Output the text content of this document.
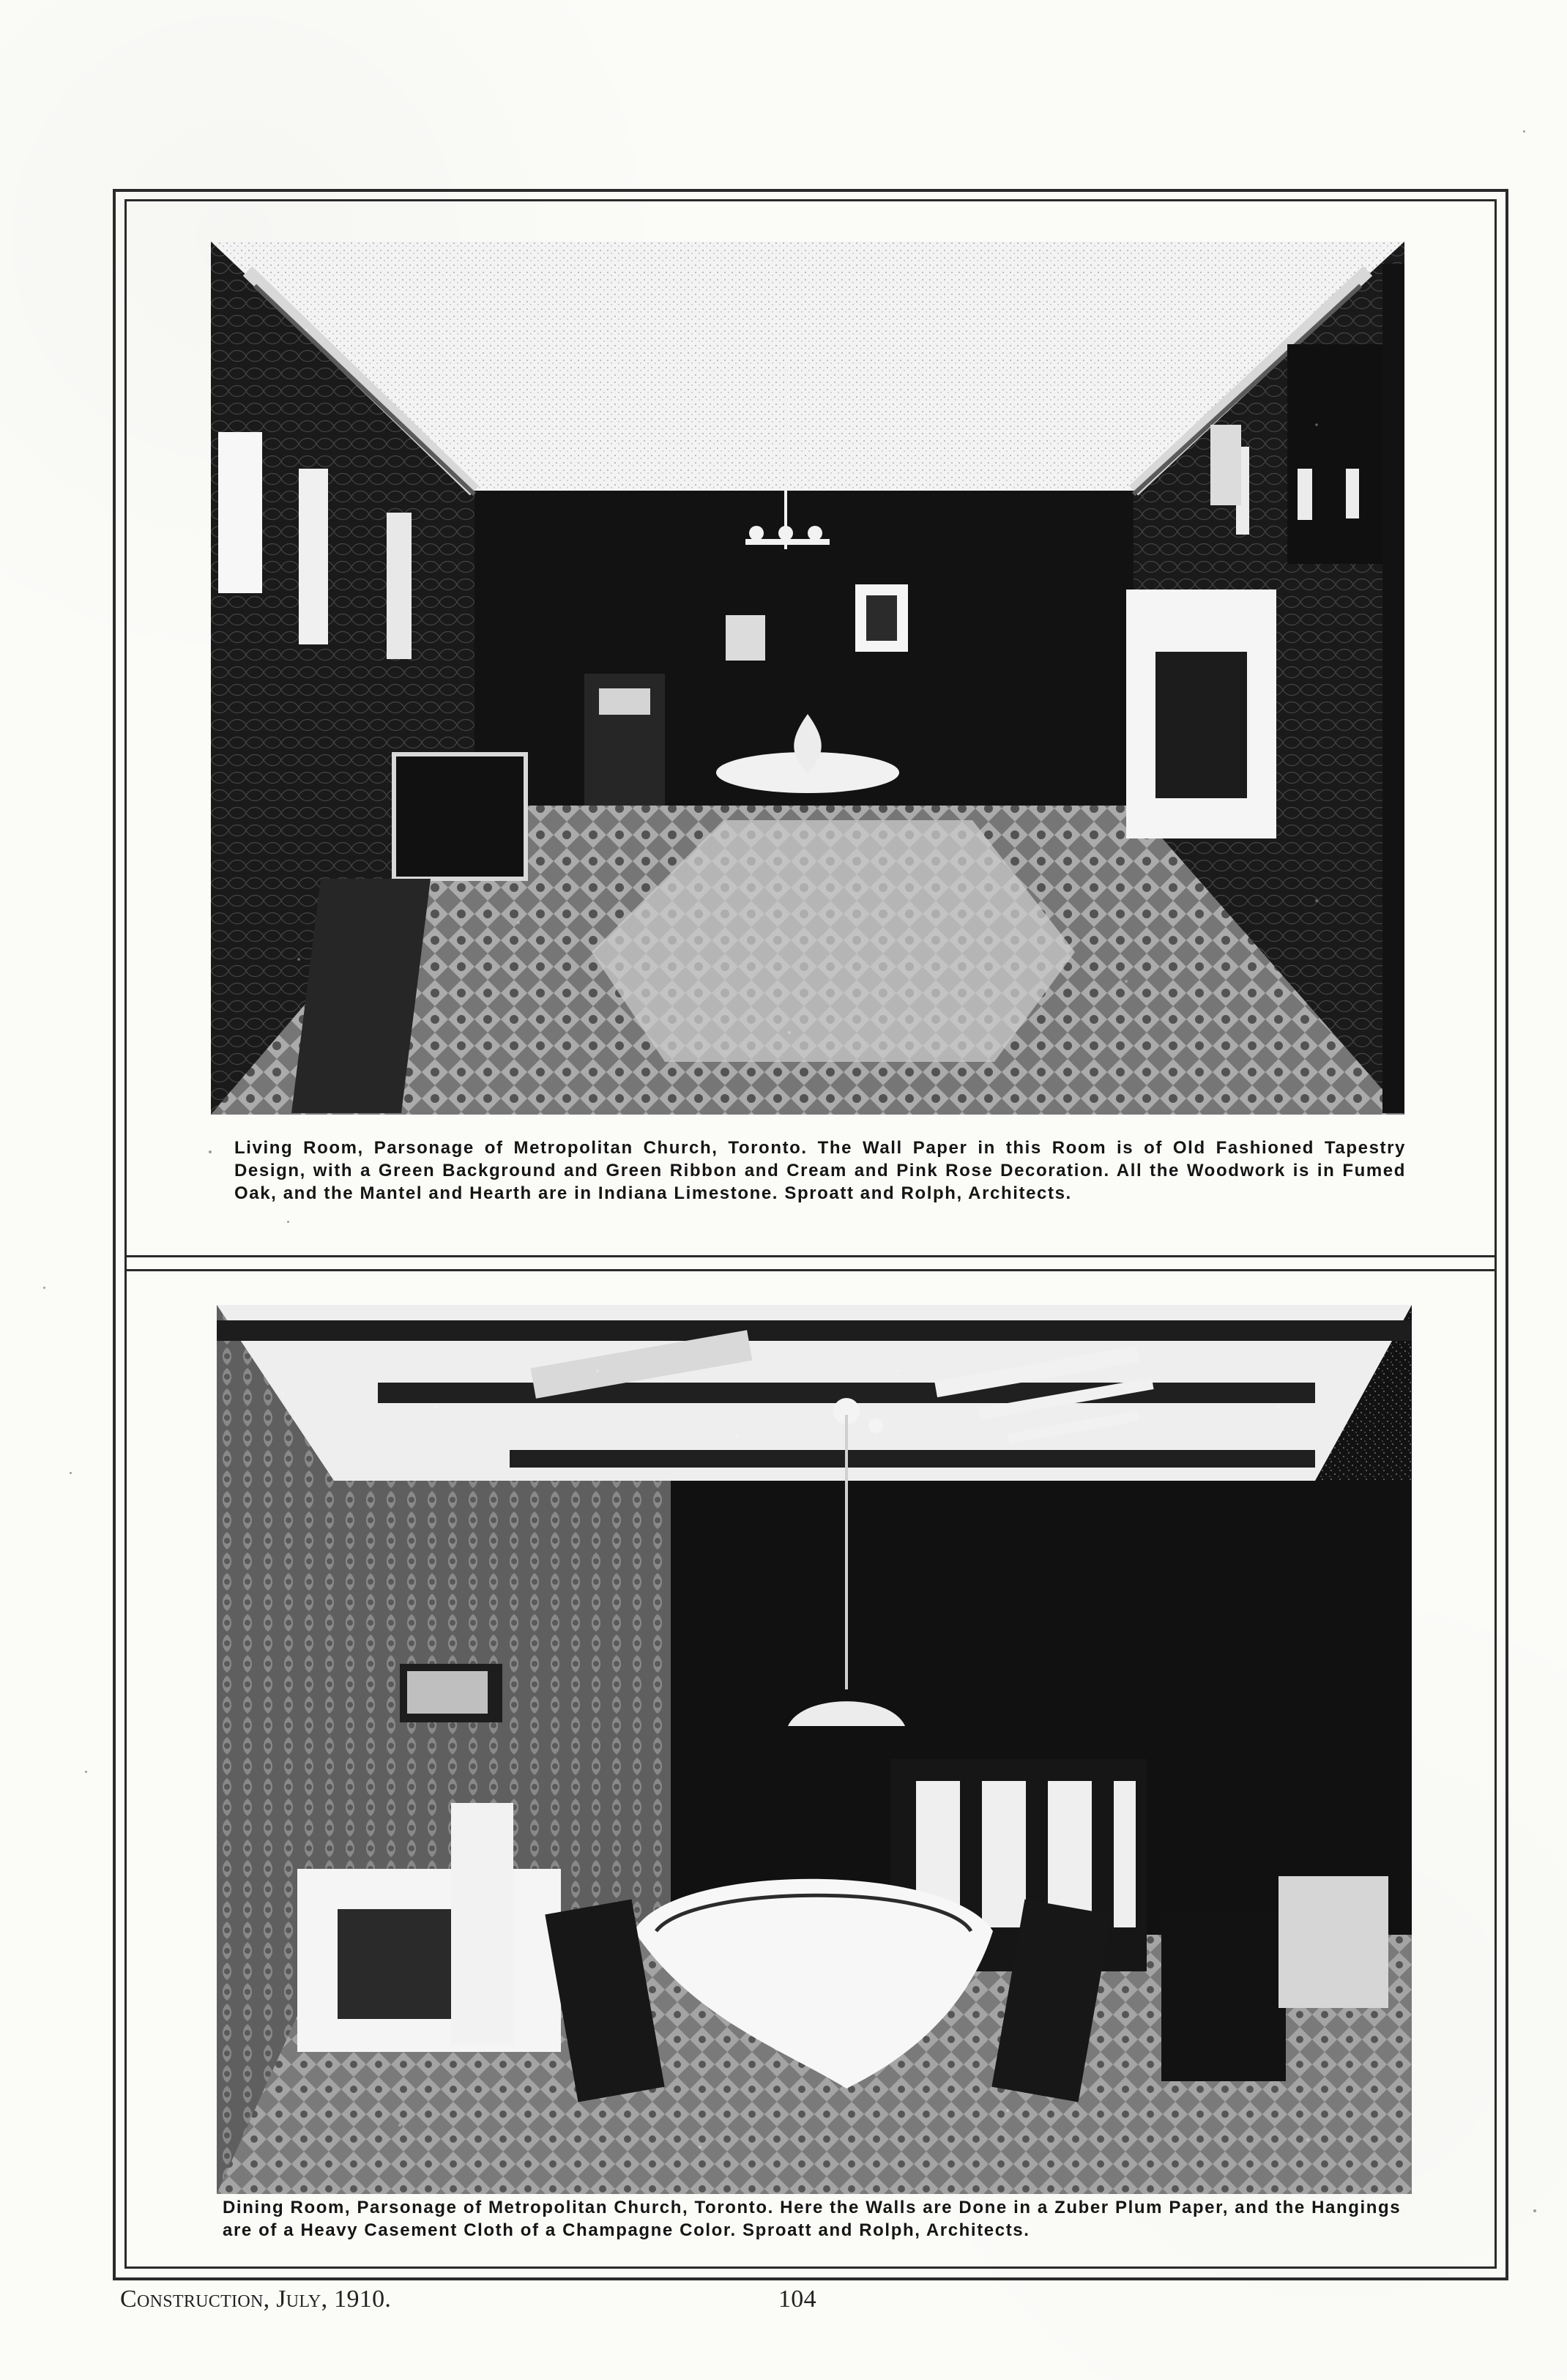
Living Room, Parsonage of Metropolitan Church, Toronto. The Wall Paper in this Room is of Old Fashioned Tapestry Design, with a Green Background and Green Ribbon and Cream and Pink Rose Decoration. All the Woodwork is in Fumed Oak, and the Mantel and Hearth are in Indiana Limestone. Sproatt and Rolph, Architects.
Dining Room, Parsonage of Metropolitan Church, Toronto. Here the Walls are Done in a Zuber Plum Paper, and the Hangings are of a Heavy Casement Cloth of a Champagne Color. Sproatt and Rolph, Architects.
Construction, July, 1910.	104
